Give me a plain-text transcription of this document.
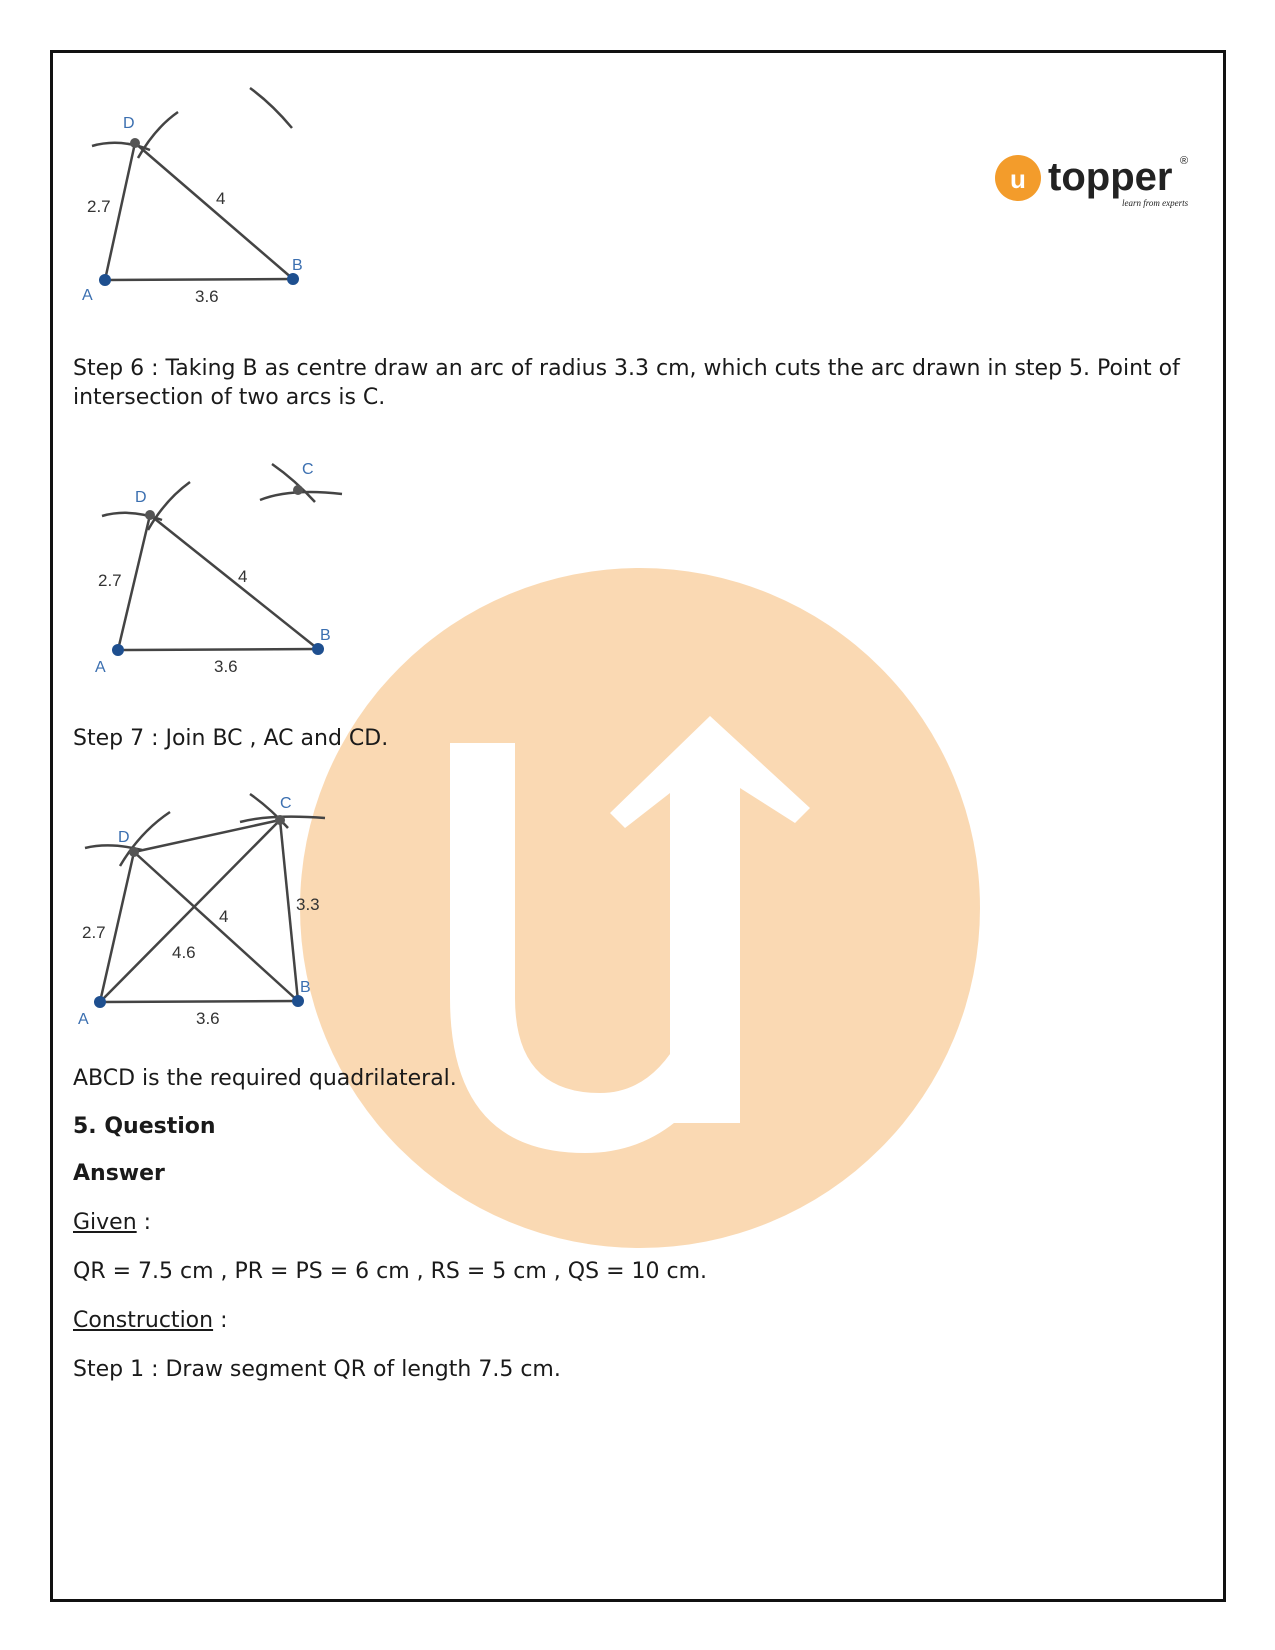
u topper ®
learn from experts
D
A
B
2.7	4
3.6
Step 6 : Taking B as centre draw an arc of radius 3.3 cm, which cuts the arc drawn in step 5. Point of intersection of two arcs is C.
D
C
A
B
2.7	4
3.6
Step 7 : Join BC , AC and CD.
D
C
A
B
2.7
4
4.6
3.3
3.6
ABCD is the required quadrilateral.
5. Question
Answer
Given :
QR = 7.5 cm , PR = PS = 6 cm , RS = 5 cm , QS = 10 cm.
Construction :
Step 1 : Draw segment QR of length 7.5 cm.
